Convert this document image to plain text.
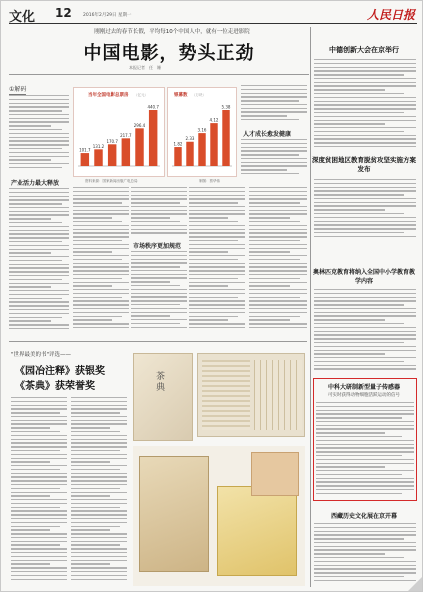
文化 12	2016年2月29日 星期一	人民日报
刚刚过去的春节长假，平均每10个中国人中，就有一位走进影院
中国电影，势头正劲
本报记者　任　姗
①解码
产业活力最大释放
当年全国电影总票房 （亿元）
101.7
131.2
170.7
217.7
296.4
440.7
资料来源：国家新闻出版广电总局
银幕数 （万块）
1.82
2.33
3.16
4.12
5.38
制图：蔡华伟
人才成长愈发健康
市场秩序更加规范
"世界最美的书"评选——
《园冶注释》获银奖
《茶典》获荣誉奖
茶典
中德创新大会在京举行
深度贫困地区教育脱贫攻坚实施方案发布
奥林匹克教育将纳入全国中小学教育教学内容
中科大研制新型量子传感器
可实时获得动物细胞活跃运动的信号
西藏历史文化展在京开幕
